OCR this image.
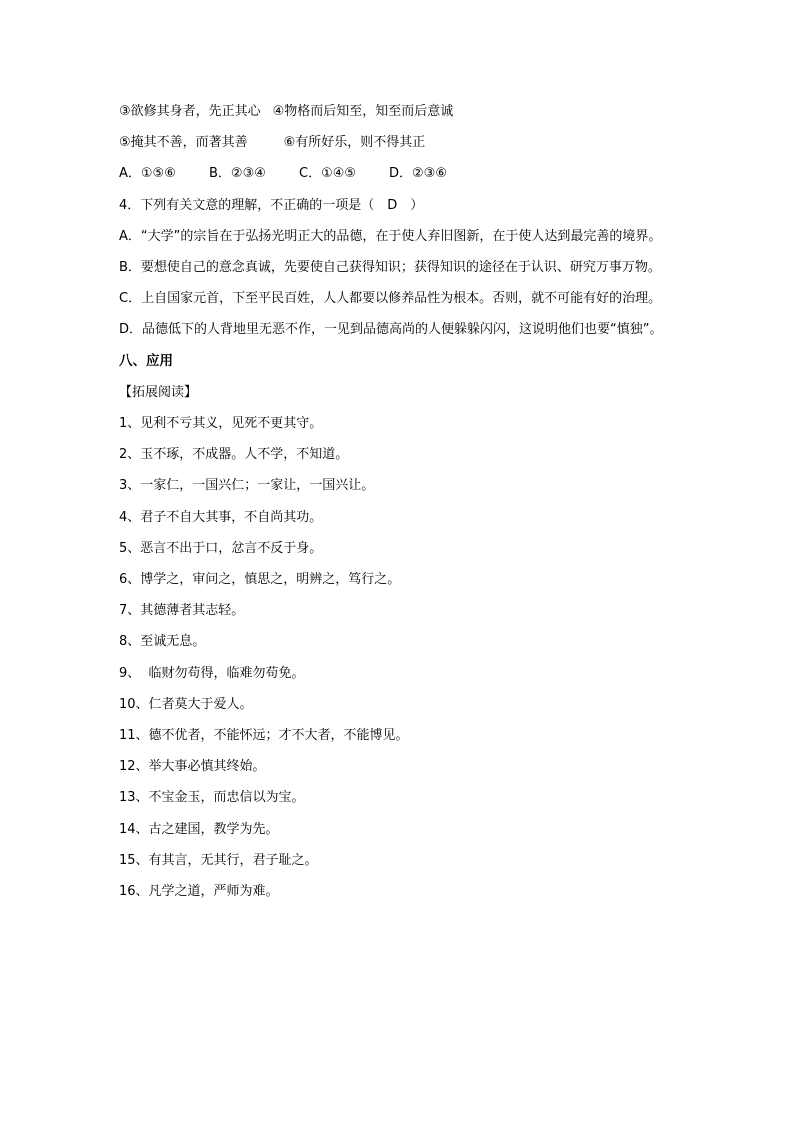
③欲修其身者，先正其心 ④物格而后知至，知至而后意诚
⑤掩其不善，而著其善	⑥有所好乐，则不得其正
A．①⑤⑥	B．②③④	C．①④⑤	D．②③⑥
4．下列有关文意的理解，不正确的一项是（　D　）
A．“大学”的宗旨在于弘扬光明正大的品德，在于使人弃旧图新，在于使人达到最完善的境界。
B．要想使自己的意念真诚，先要使自己获得知识；获得知识的途径在于认识、研究万事万物。
C．上自国家元首，下至平民百姓，人人都要以修养品性为根本。否则，就不可能有好的治理。
D．品德低下的人背地里无恶不作，一见到品德高尚的人便躲躲闪闪，这说明他们也要“慎独”。
八、应用
【拓展阅读】
1、见利不亏其义，见死不更其守。
2、玉不琢，不成器。人不学，不知道。
3、一家仁，一国兴仁；一家让，一国兴让。
4、君子不自大其事，不自尚其功。
5、恶言不出于口，忿言不反于身。
6、博学之，审问之，慎思之，明辨之，笃行之。
7、其德薄者其志轻。
8、至诚无息。
9、  临财勿苟得，临难勿苟免。
10、仁者莫大于爱人。
11、德不优者，不能怀远；才不大者，不能博见。
12、举大事必慎其终始。
13、不宝金玉，而忠信以为宝。
14、古之建国，教学为先。
15、有其言，无其行，君子耻之。
16、凡学之道，严师为难。
